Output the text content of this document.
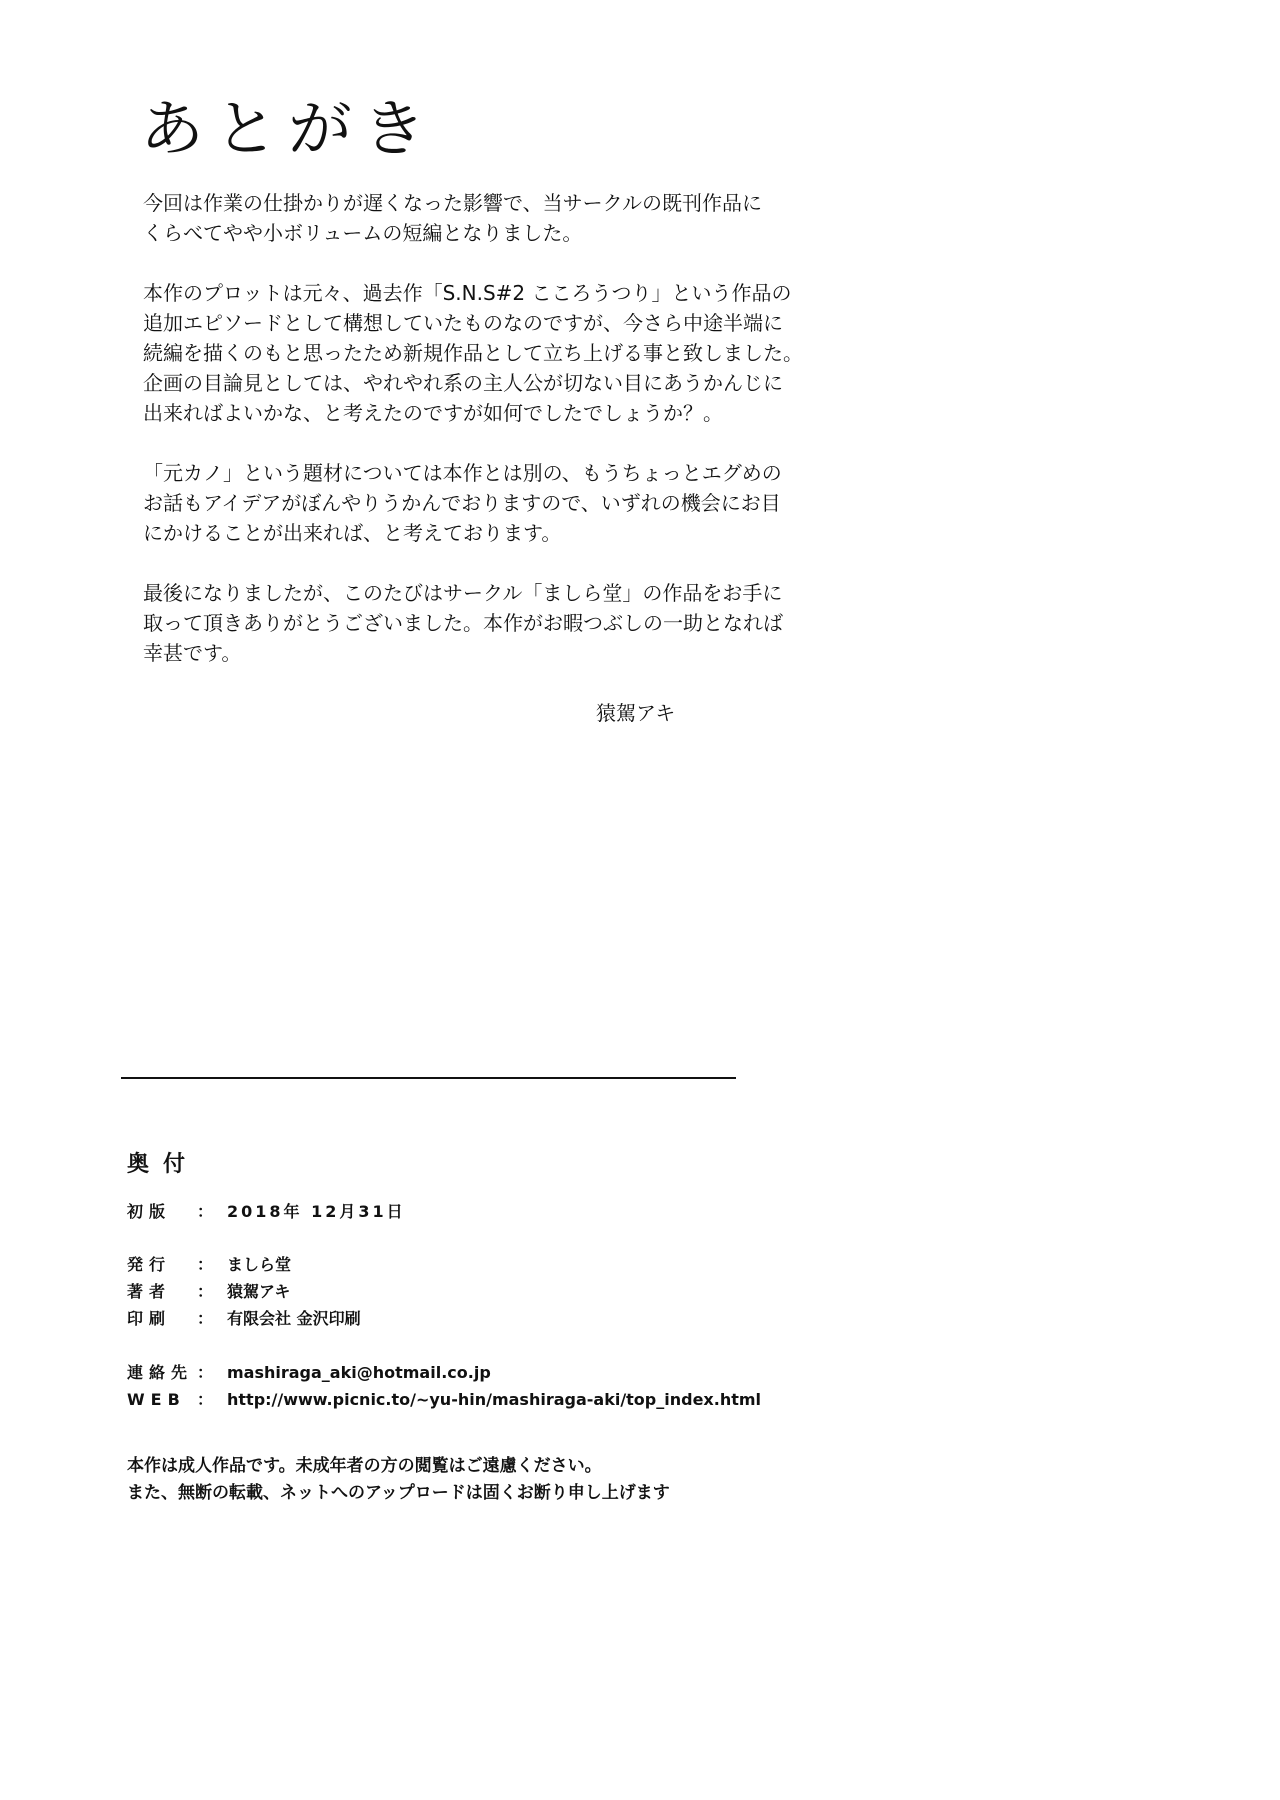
あとがき
今回は作業の仕掛かりが遅くなった影響で、当サークルの既刊作品に
くらべてやや小ボリュームの短編となりました。
本作のプロットは元々、過去作「S.N.S#2 こころうつり」という作品の
追加エピソードとして構想していたものなのですが、今さら中途半端に
続編を描くのもと思ったため新規作品として立ち上げる事と致しました。
企画の目論見としては、やれやれ系の主人公が切ない目にあうかんじに
出来ればよいかな、と考えたのですが如何でしたでしょうか？。
「元カノ」という題材については本作とは別の、もうちょっとエグめの
お話もアイデアがぼんやりうかんでおりますので、いずれの機会にお目
にかけることが出来れば、と考えております。
最後になりましたが、このたびはサークル「ましら堂」の作品をお手に
取って頂きありがとうございました。本作がお暇つぶしの一助となれば
幸甚です。
猿駕アキ
奥付
初版 ： 2018年 12月31日
発行 ： ましら堂
著者 ： 猿駕アキ
印刷 ： 有限会社 金沢印刷
連絡先 ： mashiraga_aki@hotmail.co.jp
WEB ： http://www.picnic.to/~yu-hin/mashiraga-aki/top_index.html
本作は成人作品です。未成年者の方の閲覧はご遠慮ください。
また、無断の転載、ネットへのアップロードは固くお断り申し上げます
